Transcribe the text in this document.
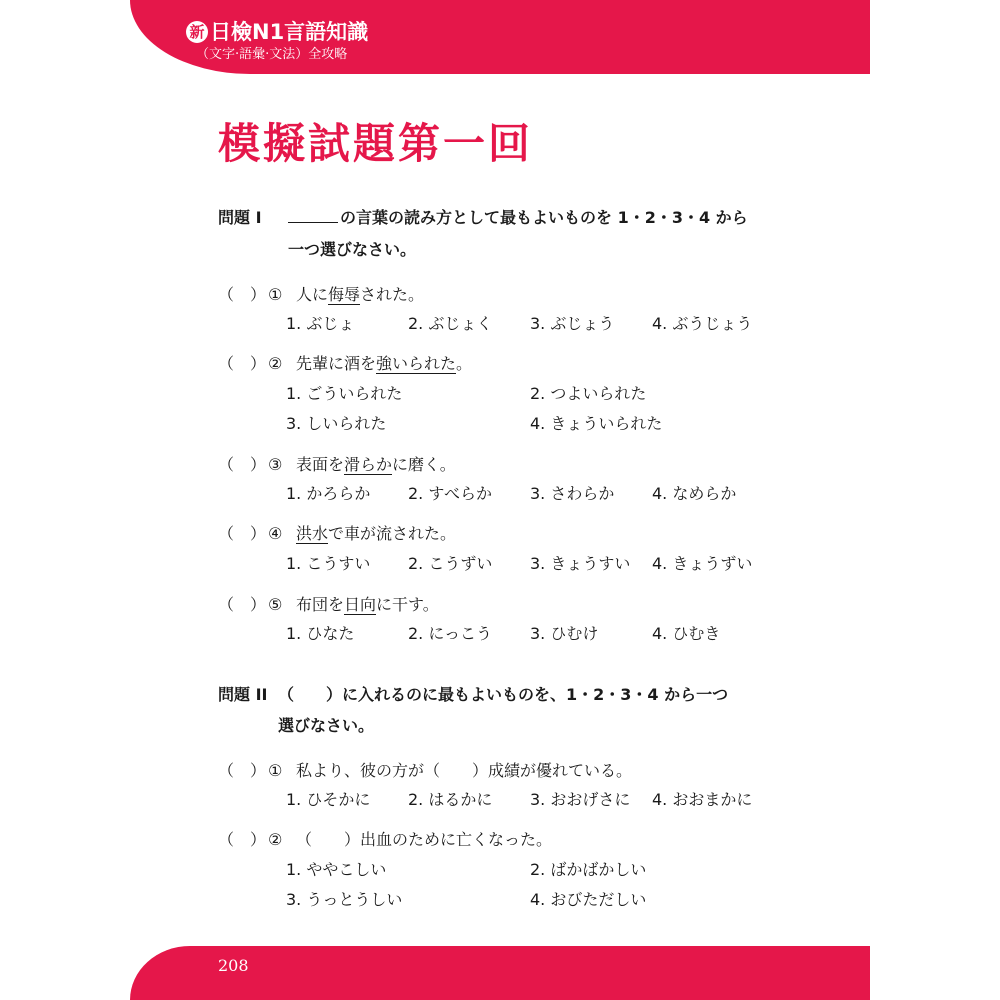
新 日檢N1言語知識
（文字‧語彙‧文法）全攻略
模擬試題第一回
問題 I	の言葉の読み方として最もよいものを 1・2・3・4 から
一つ選びなさい。
（　） ① 人に侮辱された。
1. ぶじょ	2. ぶじょく 3. ぶじょう 4. ぶうじょう
（　） ② 先輩に酒を強いられた。
1. ごういられた	2. つよいられた
3. しいられた	4. きょういられた
（　） ③ 表面を滑らかに磨く。
1. かろらか 2. すべらか 3. さわらか 4. なめらか
（　） ④ 洪水で車が流された。
1. こうすい 2. こうずい 3. きょうすい 4. きょうずい
（　） ⑤ 布団を日向に干す。
1. ひなた	2. にっこう 3. ひむけ	4. ひむき
問題 II （　　）に入れるのに最もよいものを、1・2・3・4 から一つ
選びなさい。
（　） ① 私より、彼の方が（　　）成績が優れている。
1. ひそかに 2. はるかに 3. おおげさに 4. おおまかに
（　） ② （　　）出血のために亡くなった。
1. ややこしい	2. ばかばかしい
3. うっとうしい	4. おびただしい
208
